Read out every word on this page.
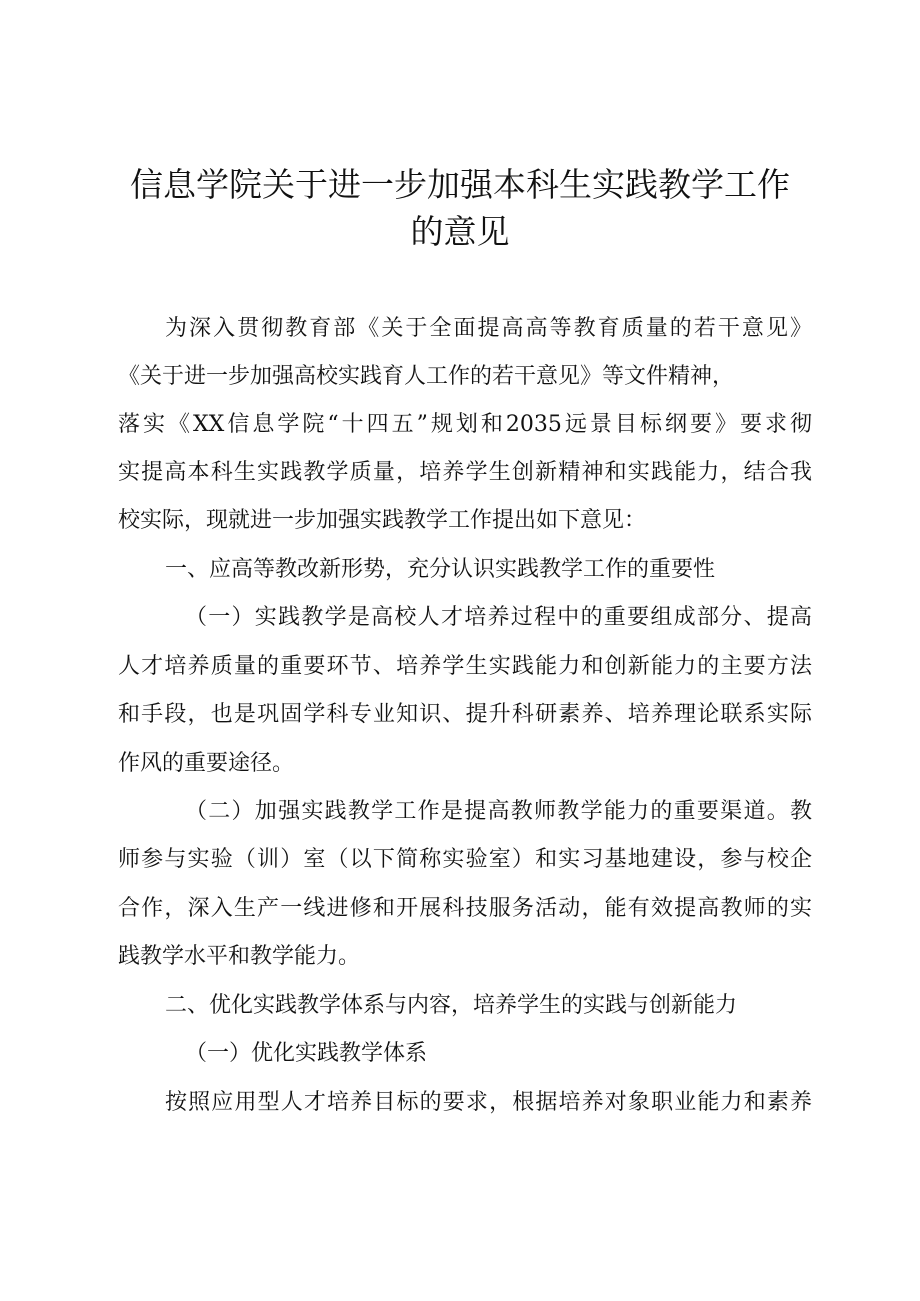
信息学院关于进一步加强本科生实践教学工作
的意见
为深入贯彻教育部《关于全面提高高等教育质量的若干意见》
《关于进一步加强高校实践育人工作的若干意见》等文件精神，
落实《XX信息学院“十四五”规划和2035远景目标纲要》要求彻
实提高本科生实践教学质量，培养学生创新精神和实践能力，结合我
校实际，现就进一步加强实践教学工作提出如下意见：
一、应高等教改新形势，充分认识实践教学工作的重要性
（一）实践教学是高校人才培养过程中的重要组成部分、提高
人才培养质量的重要环节、培养学生实践能力和创新能力的主要方法
和手段，也是巩固学科专业知识、提升科研素养、培养理论联系实际
作风的重要途径。
（二）加强实践教学工作是提高教师教学能力的重要渠道。教
师参与实验（训）室（以下简称实验室）和实习基地建设，参与校企
合作，深入生产一线进修和开展科技服务活动，能有效提高教师的实
践教学水平和教学能力。
二、优化实践教学体系与内容，培养学生的实践与创新能力
（一）优化实践教学体系
按照应用型人才培养目标的要求，根据培养对象职业能力和素养
